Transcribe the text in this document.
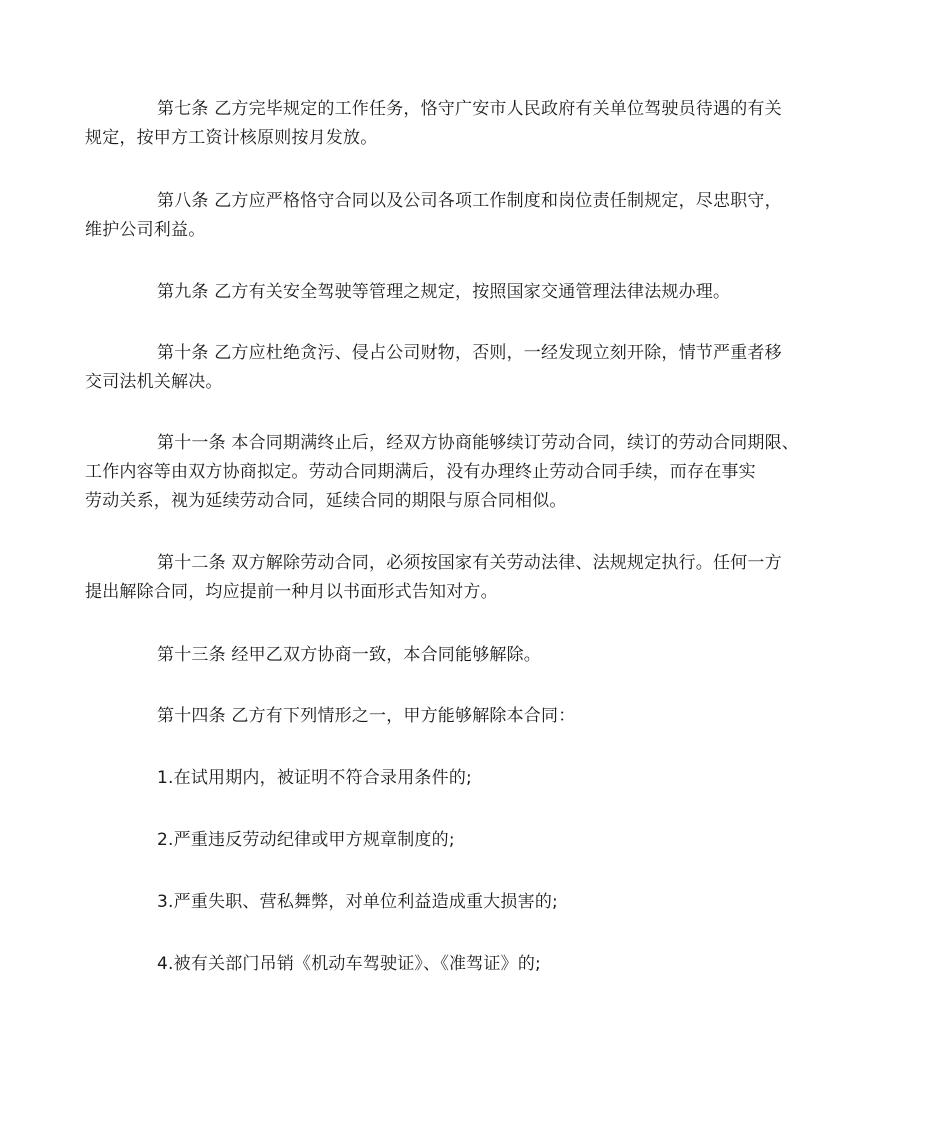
第七条 乙方完毕规定的工作任务，恪守广安市人民政府有关单位驾驶员待遇的有关
规定，按甲方工资计核原则按月发放。

第八条 乙方应严格恪守合同以及公司各项工作制度和岗位责任制规定，尽忠职守，
维护公司利益。

第九条 乙方有关安全驾驶等管理之规定，按照国家交通管理法律法规办理。

第十条 乙方应杜绝贪污、侵占公司财物，否则，一经发现立刻开除，情节严重者移
交司法机关解决。

第十一条 本合同期满终止后，经双方协商能够续订劳动合同，续订的劳动合同期限、
工作内容等由双方协商拟定。劳动合同期满后，没有办理终止劳动合同手续，而存在事实
劳动关系，视为延续劳动合同，延续合同的期限与原合同相似。

第十二条 双方解除劳动合同，必须按国家有关劳动法律、法规规定执行。任何一方
提出解除合同，均应提前一种月以书面形式告知对方。

第十三条 经甲乙双方协商一致，本合同能够解除。

第十四条 乙方有下列情形之一，甲方能够解除本合同：

1.在试用期内，被证明不符合录用条件的;

2.严重违反劳动纪律或甲方规章制度的;

3.严重失职、营私舞弊，对单位利益造成重大损害的;

4.被有关部门吊销《机动车驾驶证》、《准驾证》的;
